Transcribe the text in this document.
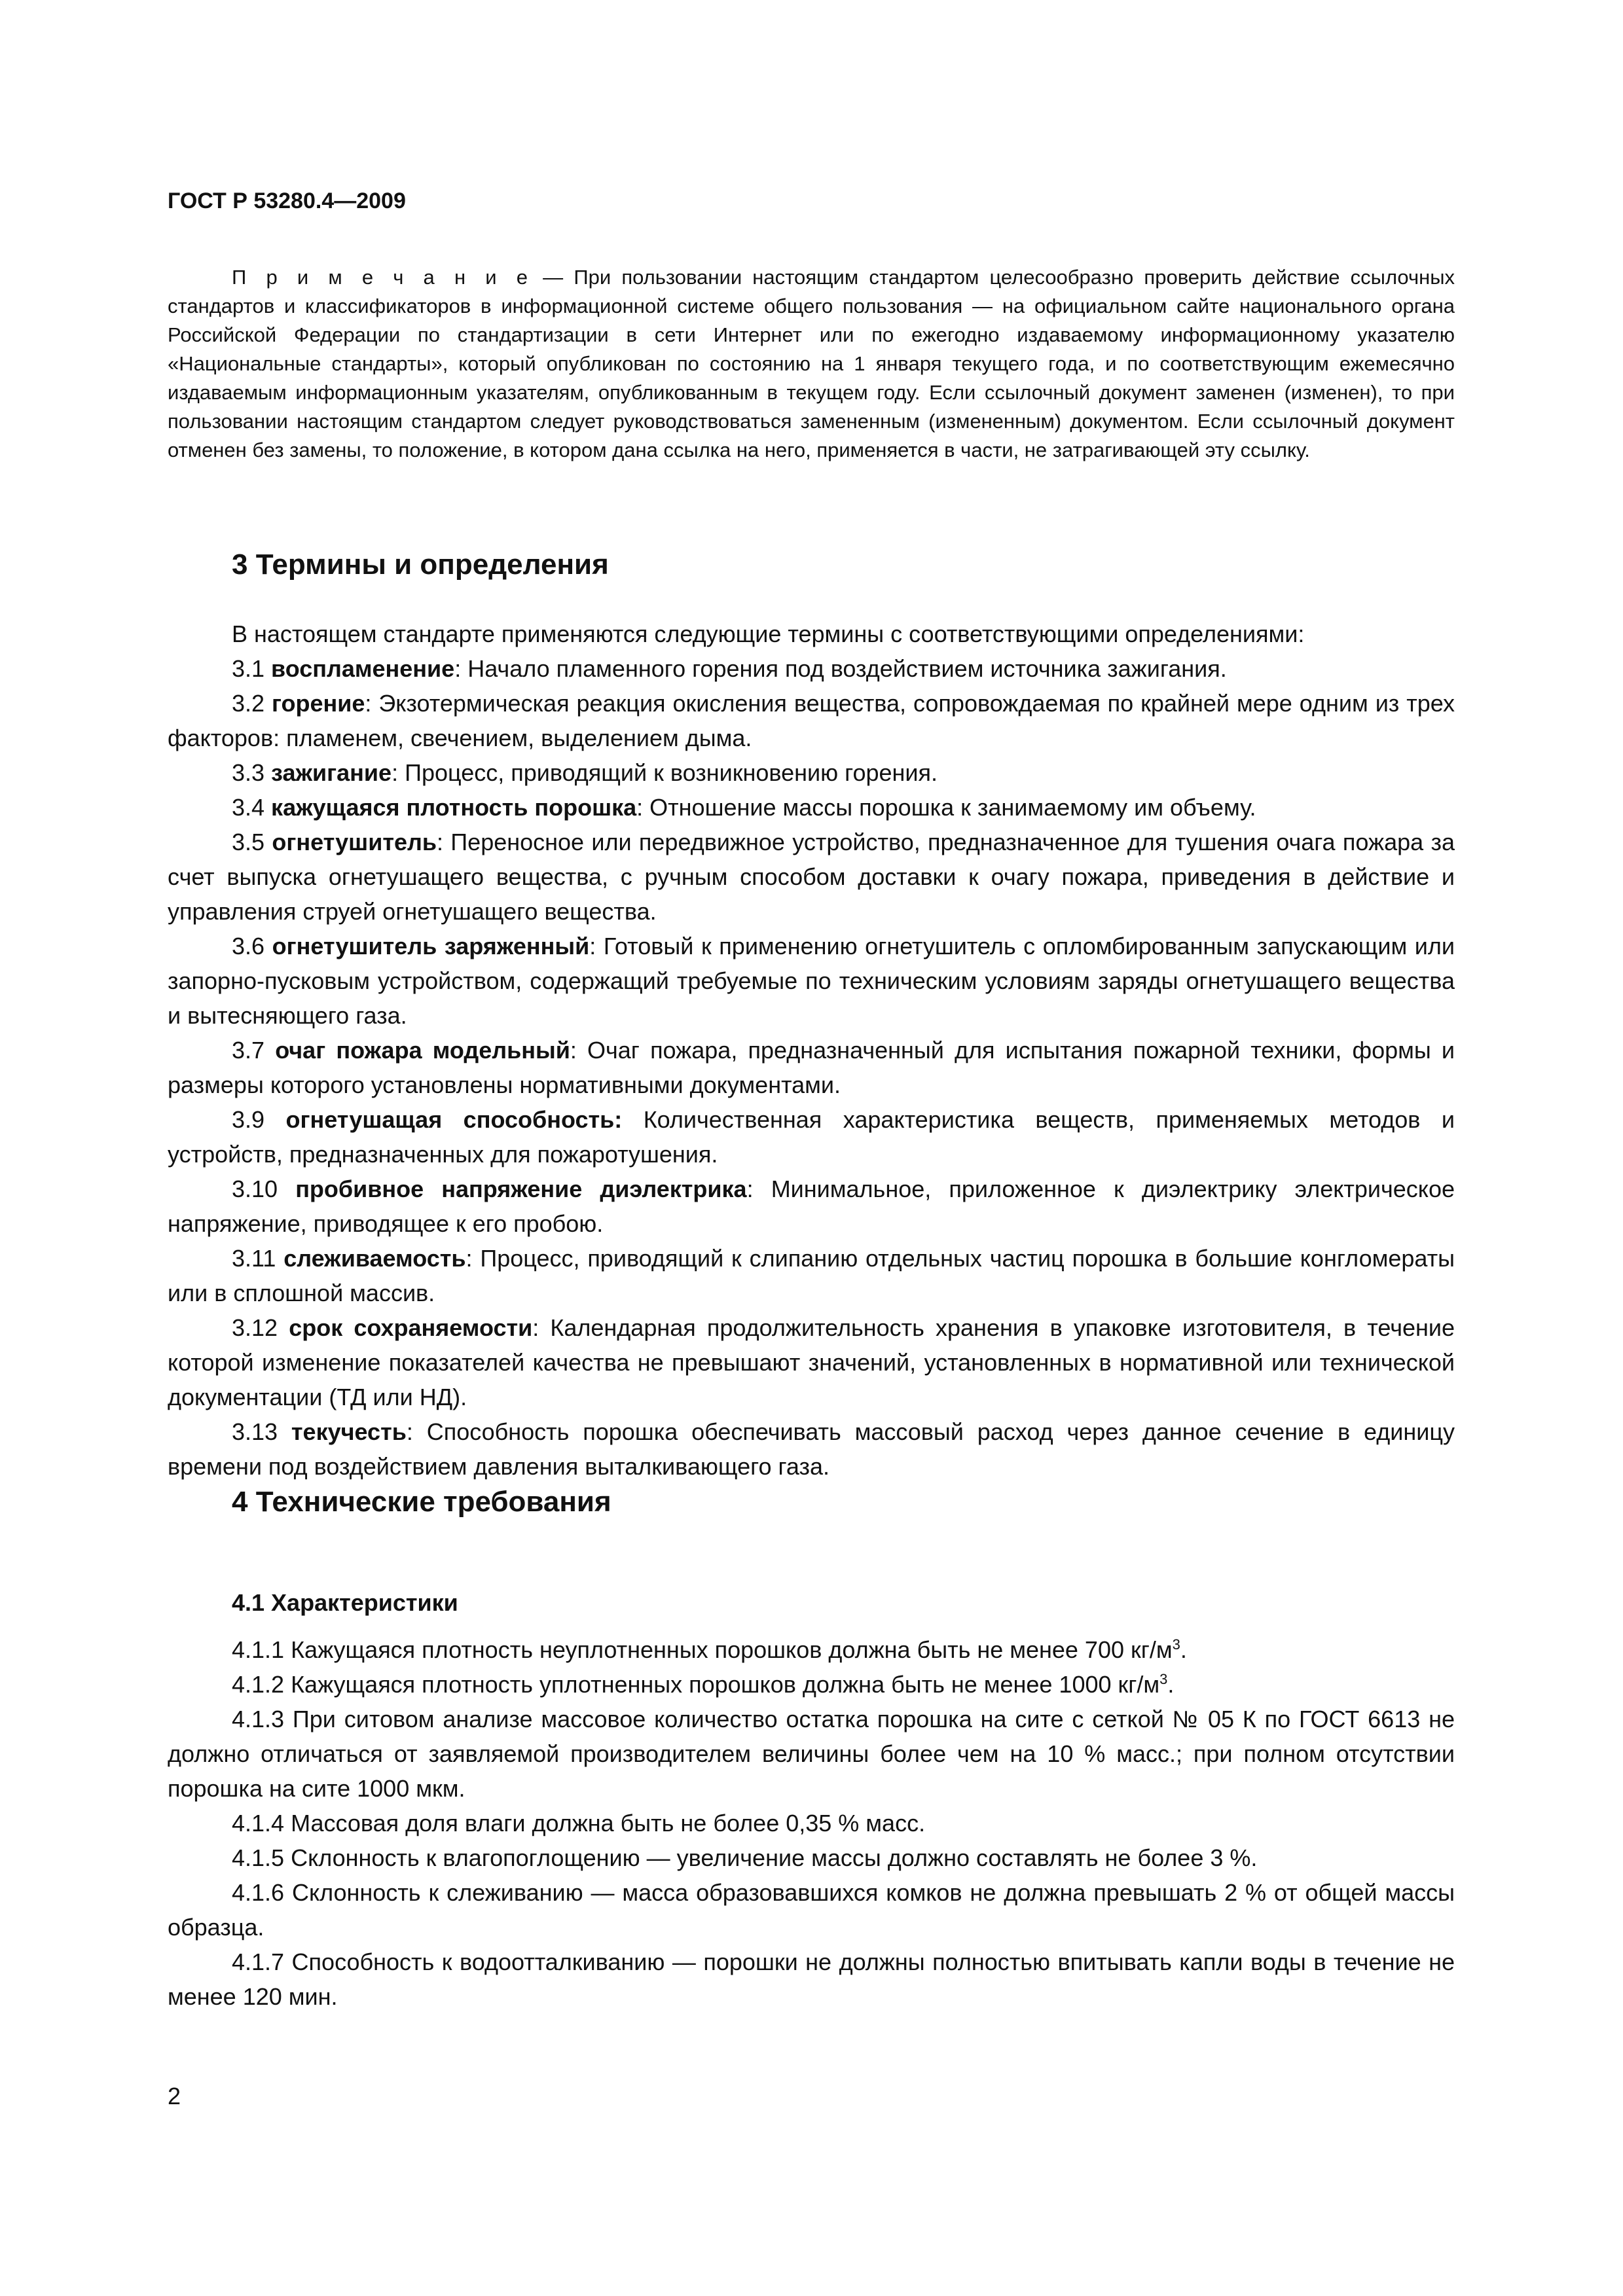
ГОСТ Р 53280.4—2009

П р и м е ч а н и е — При пользовании настоящим стандартом целесообразно проверить действие ссылочных стандартов и классификаторов в информационной системе общего пользования — на официальном сайте национального органа Российской Федерации по стандартизации в сети Интернет или по ежегодно издаваемому информационному указателю «Национальные стандарты», который опубликован по состоянию на 1 января текущего года, и по соответствующим ежемесячно издаваемым информационным указателям, опубликованным в текущем году. Если ссылочный документ заменен (изменен), то при пользовании настоящим стандартом следует руководствоваться замененным (измененным) документом. Если ссылочный документ отменен без замены, то положение, в котором дана ссылка на него, применяется в части, не затрагивающей эту ссылку.

3 Термины и определения

В настоящем стандарте применяются следующие термины с соответствующими определениями:

3.1 воспламенение: Начало пламенного горения под воздействием источника зажигания.

3.2 горение: Экзотермическая реакция окисления вещества, сопровождаемая по крайней мере одним из трех факторов: пламенем, свечением, выделением дыма.

3.3 зажигание: Процесс, приводящий к возникновению горения.

3.4 кажущаяся плотность порошка: Отношение массы порошка к занимаемому им объему.

3.5 огнетушитель: Переносное или передвижное устройство, предназначенное для тушения очага пожара за счет выпуска огнетушащего вещества, с ручным способом доставки к очагу пожара, приведения в действие и управления струей огнетушащего вещества.

3.6 огнетушитель заряженный: Готовый к применению огнетушитель с опломбированным запускающим или запорно-пусковым устройством, содержащий требуемые по техническим условиям заряды огнетушащего вещества и вытесняющего газа.

3.7 очаг пожара модельный: Очаг пожара, предназначенный для испытания пожарной техники, формы и размеры которого установлены нормативными документами.

3.9 огнетушащая способность: Количественная характеристика веществ, применяемых методов и устройств, предназначенных для пожаротушения.

3.10 пробивное напряжение диэлектрика: Минимальное, приложенное к диэлектрику электрическое напряжение, приводящее к его пробою.

3.11 слеживаемость: Процесс, приводящий к слипанию отдельных частиц порошка в большие конгломераты или в сплошной массив.

3.12 срок сохраняемости: Календарная продолжительность хранения в упаковке изготовителя, в течение которой изменение показателей качества не превышают значений, установленных в нормативной или технической документации (ТД или НД).

3.13 текучесть: Способность порошка обеспечивать массовый расход через данное сечение в единицу времени под воздействием давления выталкивающего газа.

4 Технические требования
4.1 Характеристики

4.1.1 Кажущаяся плотность неуплотненных порошков должна быть не менее 700 $кг/м^3$.

4.1.2 Кажущаяся плотность уплотненных порошков должна быть не менее 1000 $кг/м^3$.

4.1.3 При ситовом анализе массовое количество остатка порошка на сите с сеткой № 05 К по ГОСТ 6613 не должно отличаться от заявляемой производителем величины более чем на 10 % масс.; при полном отсутствии порошка на сите 1000 мкм.

4.1.4 Массовая доля влаги должна быть не более 0,35 % масс.

4.1.5 Склонность к влагопоглощению — увеличение массы должно составлять не более 3 %.

4.1.6 Склонность к слеживанию — масса образовавшихся комков не должна превышать 2 % от общей массы образца.

4.1.7 Способность к водоотталкиванию — порошки не должны полностью впитывать капли воды в течение не менее 120 мин.

2
